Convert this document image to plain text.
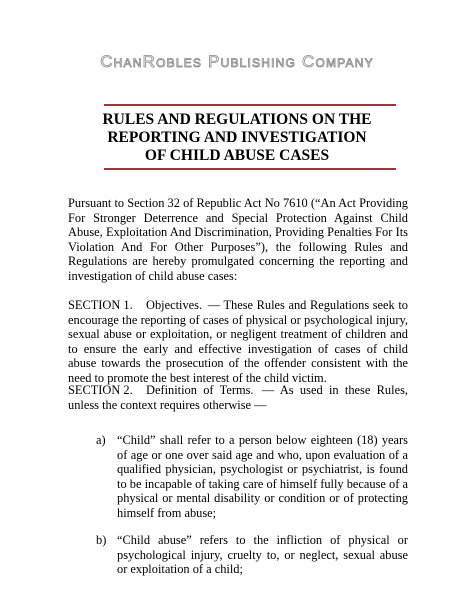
ChanRobles Publishing Company
RULES AND REGULATIONS ON THE
REPORTING AND INVESTIGATION
OF CHILD ABUSE CASES
Pursuant to Section 32 of Republic Act No 7610 (“An Act Providing For Stronger Deterrence and Special Protection Against Child Abuse, Exploitation And Discrimination, Providing Penalties For Its Violation And For Other Purposes”), the following Rules and Regulations are hereby promulgated concerning the reporting and investigation of child abuse cases:
SECTION 1. Objectives. — These Rules and Regulations seek to encourage the reporting of cases of physical or psychological injury, sexual abuse or exploitation, or negligent treatment of children and to ensure the early and effective investigation of cases of child abuse towards the prosecution of the offender consistent with the need to promote the best interest of the child victim.
SECTION 2. Definition of Terms. — As used in these Rules, unless the context requires otherwise —
a) “Child” shall refer to a person below eighteen (18) years of age or one over said age and who, upon evaluation of a qualified physician, psychologist or psychiatrist, is found to be incapable of taking care of himself fully because of a physical or mental disability or condition or of protecting himself from abuse;
b) “Child abuse” refers to the infliction of physical or psychological injury, cruelty to, or neglect, sexual abuse or exploitation of a child;
